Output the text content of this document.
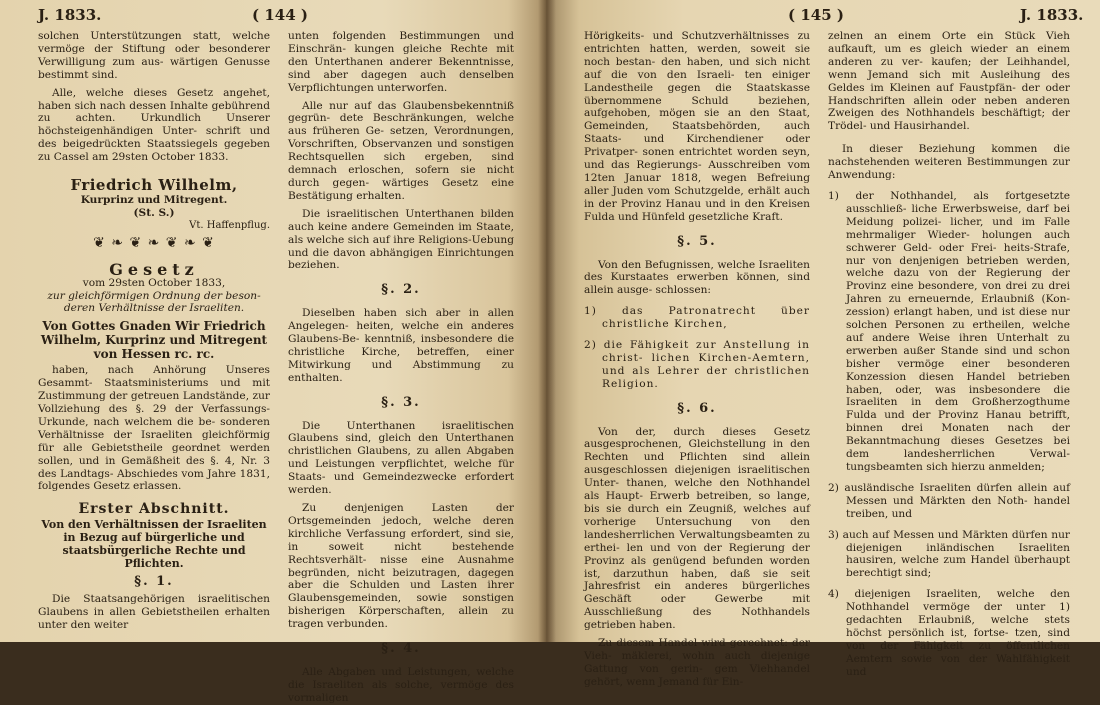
J. 1833.	( 144 )

solchen Unterstützungen statt, welche vermöge der Stiftung oder besonderer Verwilligung zum aus- wärtigen Genusse bestimmt sind.

Alle, welche dieses Gesetz angehet, haben sich nach dessen Inhalte gebührend zu achten. Urkundlich Unserer höchsteigenhändigen Unter- schrift und des beigedrückten Staatssiegels gegeben zu Cassel am 29sten October 1833.

Friedrich Wilhelm,
Kurprinz und Mitregent.
(St. S.)
Vt. Haffenpflug.
❦ ❧ ❦ ❧ ❦ ❧ ❦
Gesetz
vom 29sten October 1833,
zur gleichförmigen Ordnung der beson- deren Verhältnisse der Israeliten.
Von Gottes Gnaden Wir Friedrich Wilhelm, Kurprinz und Mitregent von Hessen rc. rc.

haben, nach Anhörung Unseres Gesammt- Staatsministeriums und mit Zustimmung der getreuen Landstände, zur Vollziehung des §. 29 der Verfassungs-Urkunde, nach welchem die be- sonderen Verhältnisse der Israeliten gleichförmig für alle Gebietstheile geordnet werden sollen, und in Gemäßheit des §. 4, Nr. 3 des Landtags- Abschiedes vom Jahre 1831, folgendes Gesetz erlassen.

Erster Abschnitt.
Von den Verhältnissen der Israeliten in Bezug auf bürgerliche und staatsbürgerliche Rechte und Pflichten.
§. 1.

Die Staatsangehörigen israelitischen Glaubens in allen Gebietstheilen erhalten unter den weiter

unten folgenden Bestimmungen und Einschrän- kungen gleiche Rechte mit den Unterthanen anderer Bekenntnisse, sind aber dagegen auch denselben Verpflichtungen unterworfen.

Alle nur auf das Glaubensbekenntniß gegrün- dete Beschränkungen, welche aus früheren Ge- setzen, Verordnungen, Vorschriften, Observanzen und sonstigen Rechtsquellen sich ergeben, sind demnach erloschen, sofern sie nicht durch gegen- wärtiges Gesetz eine Bestätigung erhalten.

Die israelitischen Unterthanen bilden auch keine andere Gemeinden im Staate, als welche sich auf ihre Religions-Uebung und die davon abhängigen Einrichtungen beziehen.

§. 2.

Dieselben haben sich aber in allen Angelegen- heiten, welche ein anderes Glaubens-Be- kenntniß, insbesondere die christliche Kirche, betreffen, einer Mitwirkung und Abstimmung zu enthalten.

§. 3.

Die Unterthanen israelitischen Glaubens sind, gleich den Unterthanen christlichen Glaubens, zu allen Abgaben und Leistungen verpflichtet, welche für Staats- und Gemeindezwecke erfordert werden.

Zu denjenigen Lasten der Ortsgemeinden jedoch, welche deren kirchliche Verfassung erfordert, sind sie, in soweit nicht bestehende Rechtsverhält- nisse eine Ausnahme begründen, nicht beizutragen, dagegen aber die Schulden und Lasten ihrer Glaubensgemeinden, sowie sonstigen bisherigen Körperschaften, allein zu tragen verbunden.

§. 4.

Alle Abgaben und Leistungen, welche die Israeliten als solche, vermöge des vormaligen

( 145 )	J. 1833.

Hörigkeits- und Schutzverhältnisses zu entrichten hatten, werden, soweit sie noch bestan- den haben, und sich nicht auf die von den Israeli- ten einiger Landestheile gegen die Staatskasse übernommene Schuld beziehen, aufgehoben, mögen sie an den Staat, Gemeinden, Staatsbehörden, auch Staats- und Kirchendiener oder Privatper- sonen entrichtet worden seyn, und das Regierungs- Ausschreiben vom 12ten Januar 1818, wegen Befreiung aller Juden vom Schutzgelde, erhält auch in der Provinz Hanau und in den Kreisen Fulda und Hünfeld gesetzliche Kraft.

§. 5.

Von den Befugnissen, welche Israeliten des Kurstaates erwerben können, sind allein ausge- schlossen:

1) das Patronatrecht über christliche Kirchen,
2) die Fähigkeit zur Anstellung in christ- lichen Kirchen-Aemtern, und als Lehrer der christlichen Religion.
§. 6.

Von der, durch dieses Gesetz ausgesprochenen, Gleichstellung in den Rechten und Pflichten sind allein ausgeschlossen diejenigen israelitischen Unter- thanen, welche den Nothhandel als Haupt- Erwerb betreiben, so lange, bis sie durch ein Zeugniß, welches auf vorherige Untersuchung von den landesherrlichen Verwaltungsbeamten zu erthei- len und von der Regierung der Provinz als genügend befunden worden ist, darzuthun haben, daß sie seit Jahresfrist ein anderes bürgerliches Geschäft oder Gewerbe mit Ausschließung des Nothhandels getrieben haben.

Zu diesem Handel wird gerechnet: der Vieh- mäklerei, wohin auch diejenige Gattung von gerin- gem Viehhandel gehört, wenn Jemand für Ein-

zelnen an einem Orte ein Stück Vieh aufkauft, um es gleich wieder an einem anderen zu ver- kaufen; der Leihhandel, wenn Jemand sich mit Ausleihung des Geldes im Kleinen auf Faustpfän- der oder Handschriften allein oder neben anderen Zweigen des Nothhandels beschäftigt; der Trödel- und Hausirhandel.

In dieser Beziehung kommen die nachstehenden weiteren Bestimmungen zur Anwendung:

1) der Nothhandel, als fortgesetzte ausschließ- liche Erwerbsweise, darf bei Meidung polizei- licher, und im Falle mehrmaliger Wieder- holungen auch schwerer Geld- oder Frei- heits-Strafe, nur von denjenigen betrieben werden, welche dazu von der Regierung der Provinz eine besondere, von drei zu drei Jahren zu erneuernde, Erlaubniß (Kon- zession) erlangt haben, und ist diese nur solchen Personen zu ertheilen, welche auf andere Weise ihren Unterhalt zu erwerben außer Stande sind und schon bisher vermöge einer besonderen Konzession diesen Handel betrieben haben, oder, was insbesondere die Israeliten in dem Großherzogthume Fulda und der Provinz Hanau betrifft, binnen drei Monaten nach der Bekanntmachung dieses Gesetzes bei dem landesherrlichen Verwal- tungsbeamten sich hierzu anmelden;
2) ausländische Israeliten dürfen allein auf Messen und Märkten den Noth- handel treiben, und
3) auch auf Messen und Märkten dürfen nur diejenigen inländischen Israeliten hausiren, welche zum Handel überhaupt berechtigt sind;
4) diejenigen Israeliten, welche den Nothhandel vermöge der unter 1) gedachten Erlaubniß, welche stets höchst persönlich ist, fortse- tzen, sind von der Fähigkeit zu öffentlichen Aemtern sowie von der Wahlfähigkeit und
